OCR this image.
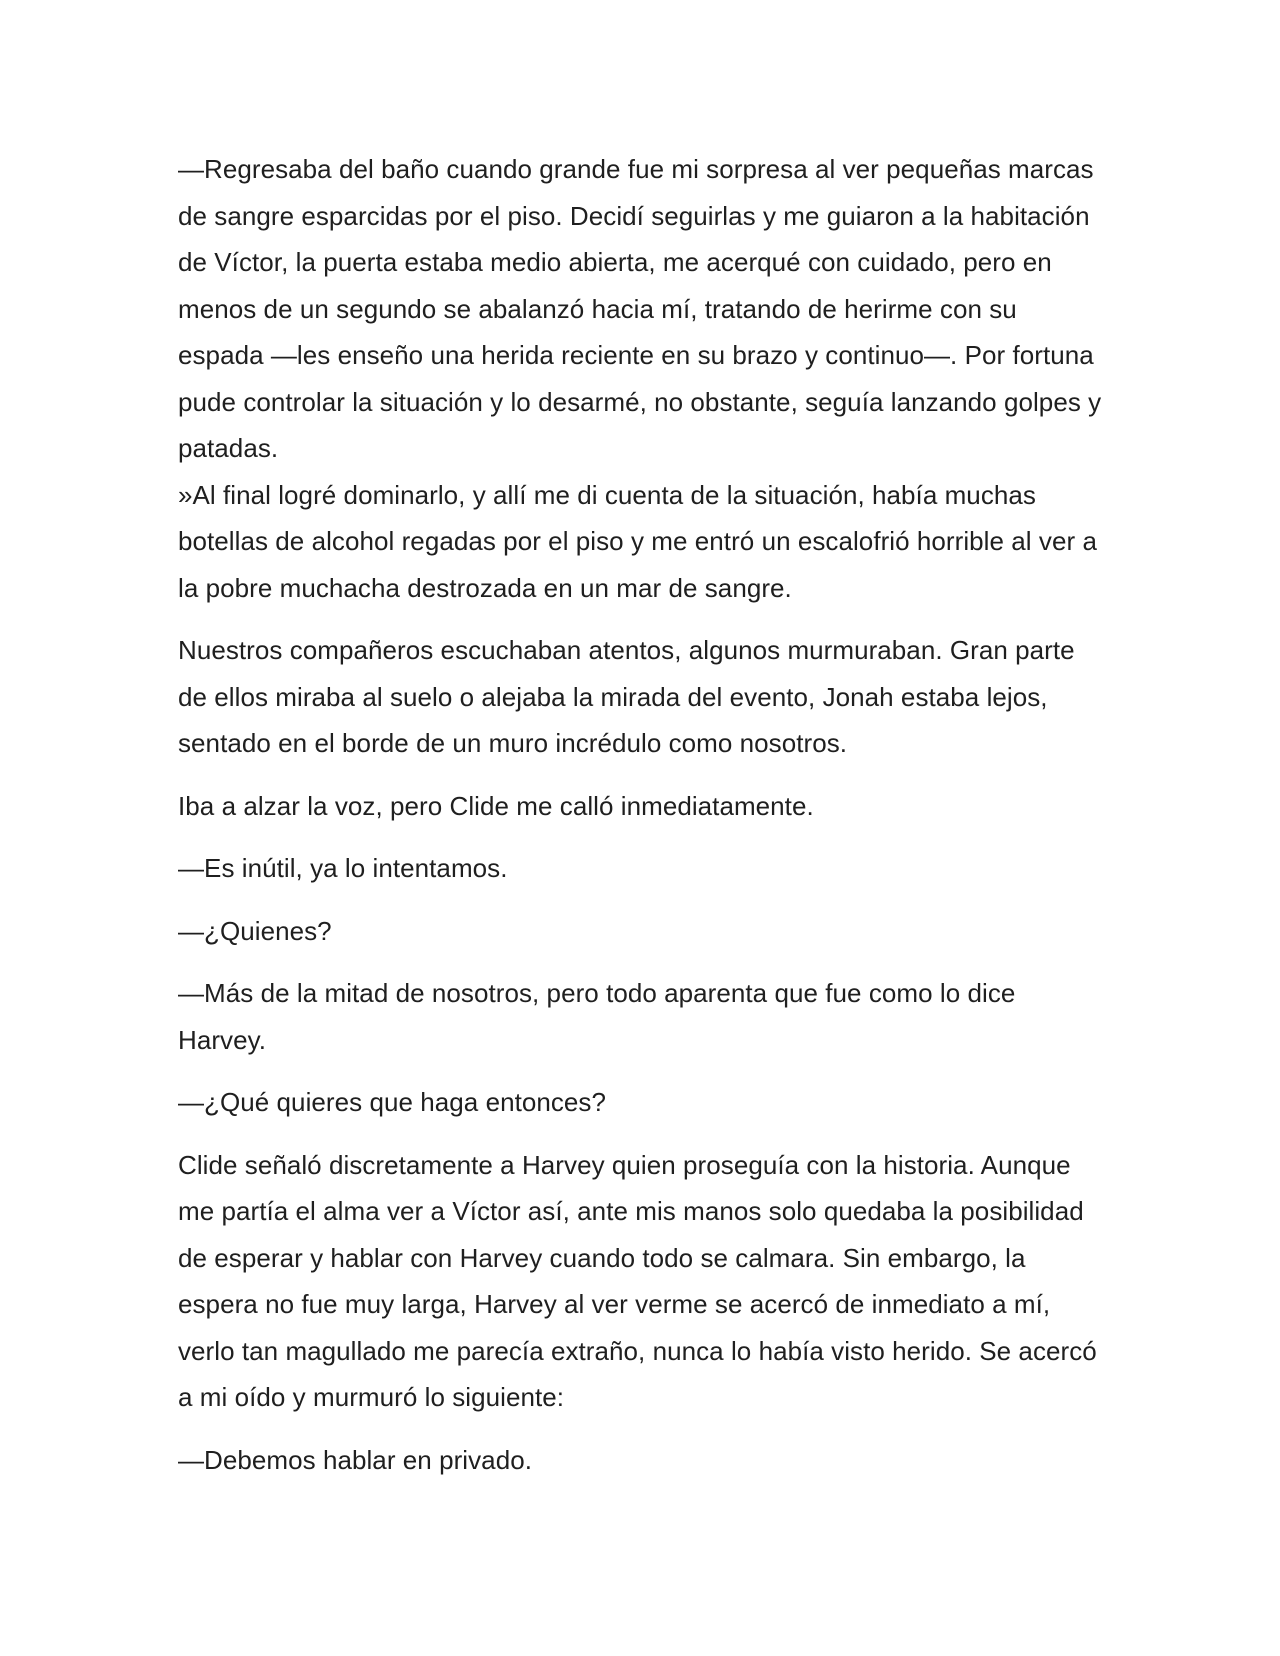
—Regresaba del baño cuando grande fue mi sorpresa al ver pequeñas marcas de sangre esparcidas por el piso. Decidí seguirlas y me guiaron a la habitación de Víctor, la puerta estaba medio abierta, me acerqué con cuidado, pero en menos de un segundo se abalanzó hacia mí, tratando de herirme con su espada —les enseño una herida reciente en su brazo y continuo—. Por fortuna pude controlar la situación y lo desarmé, no obstante, seguía lanzando golpes y patadas.

»Al final logré dominarlo, y allí me di cuenta de la situación, había muchas botellas de alcohol regadas por el piso y me entró un escalofrió horrible al ver a la pobre muchacha destrozada en un mar de sangre.

Nuestros compañeros escuchaban atentos, algunos murmuraban. Gran parte de ellos miraba al suelo o alejaba la mirada del evento, Jonah estaba lejos, sentado en el borde de un muro incrédulo como nosotros.

Iba a alzar la voz, pero Clide me calló inmediatamente.

—Es inútil, ya lo intentamos.

—¿Quienes?

—Más de la mitad de nosotros, pero todo aparenta que fue como lo dice Harvey.

—¿Qué quieres que haga entonces?

Clide señaló discretamente a Harvey quien proseguía con la historia. Aunque me partía el alma ver a Víctor así, ante mis manos solo quedaba la posibilidad de esperar y hablar con Harvey cuando todo se calmara. Sin embargo, la espera no fue muy larga, Harvey al ver verme se acercó de inmediato a mí, verlo tan magullado me parecía extraño, nunca lo había visto herido. Se acercó a mi oído y murmuró lo siguiente:

—Debemos hablar en privado.
